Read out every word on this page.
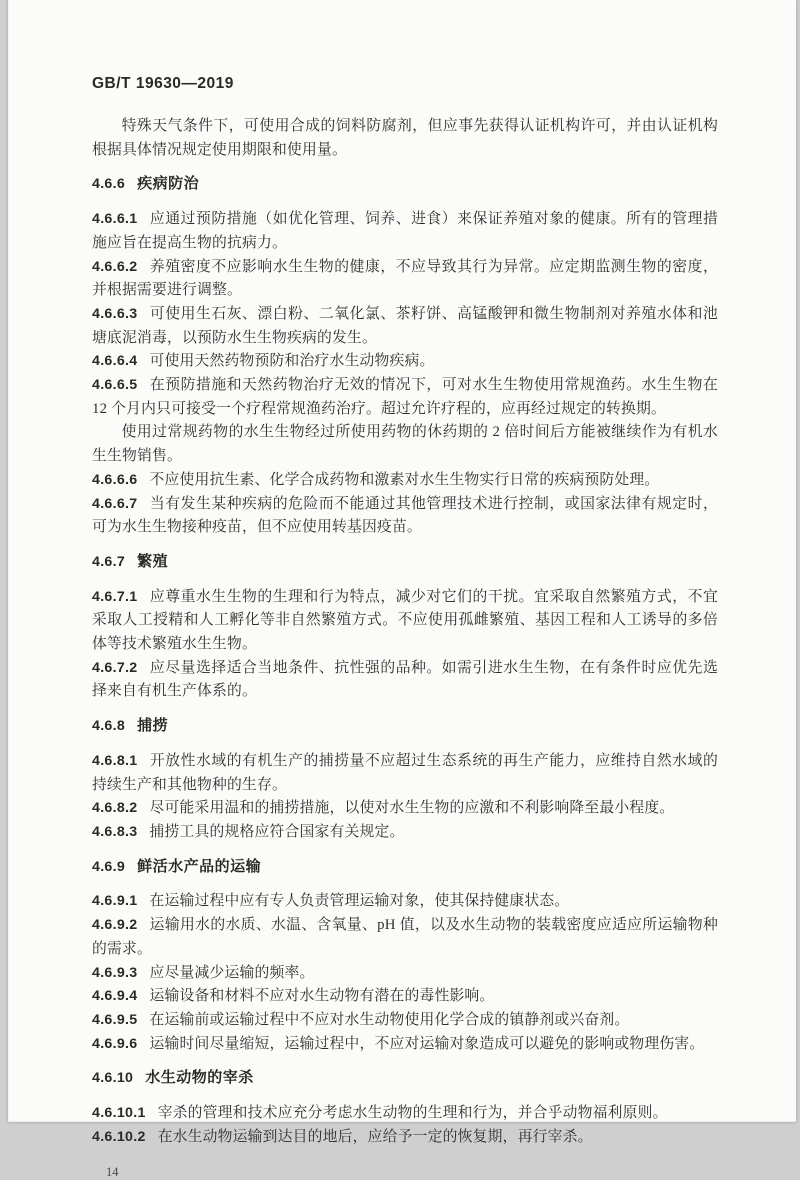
GB/T 19630—2019

特殊天气条件下，可使用合成的饲料防腐剂，但应事先获得认证机构许可，并由认证机构根据具体情况规定使用期限和使用量。

4.6.6 疾病防治

4.6.6.1 应通过预防措施（如优化管理、饲养、进食）来保证养殖对象的健康。所有的管理措施应旨在提高生物的抗病力。

4.6.6.2 养殖密度不应影响水生生物的健康，不应导致其行为异常。应定期监测生物的密度，并根据需要进行调整。

4.6.6.3 可使用生石灰、漂白粉、二氧化氯、茶籽饼、高锰酸钾和微生物制剂对养殖水体和池塘底泥消毒，以预防水生生物疾病的发生。

4.6.6.4 可使用天然药物预防和治疗水生动物疾病。

4.6.6.5 在预防措施和天然药物治疗无效的情况下，可对水生生物使用常规渔药。水生生物在 12 个月内只可接受一个疗程常规渔药治疗。超过允许疗程的，应再经过规定的转换期。

使用过常规药物的水生生物经过所使用药物的休药期的 2 倍时间后方能被继续作为有机水生生物销售。

4.6.6.6 不应使用抗生素、化学合成药物和激素对水生生物实行日常的疾病预防处理。

4.6.6.7 当有发生某种疾病的危险而不能通过其他管理技术进行控制，或国家法律有规定时，可为水生生物接种疫苗，但不应使用转基因疫苗。

4.6.7 繁殖

4.6.7.1 应尊重水生生物的生理和行为特点，减少对它们的干扰。宜采取自然繁殖方式，不宜采取人工授精和人工孵化等非自然繁殖方式。不应使用孤雌繁殖、基因工程和人工诱导的多倍体等技术繁殖水生生物。

4.6.7.2 应尽量选择适合当地条件、抗性强的品种。如需引进水生生物，在有条件时应优先选择来自有机生产体系的。

4.6.8 捕捞

4.6.8.1 开放性水域的有机生产的捕捞量不应超过生态系统的再生产能力，应维持自然水域的持续生产和其他物种的生存。

4.6.8.2 尽可能采用温和的捕捞措施，以使对水生生物的应激和不利影响降至最小程度。

4.6.8.3 捕捞工具的规格应符合国家有关规定。

4.6.9 鲜活水产品的运输

4.6.9.1 在运输过程中应有专人负责管理运输对象，使其保持健康状态。

4.6.9.2 运输用水的水质、水温、含氧量、pH 值，以及水生动物的装载密度应适应所运输物种的需求。

4.6.9.3 应尽量减少运输的频率。

4.6.9.4 运输设备和材料不应对水生动物有潜在的毒性影响。

4.6.9.5 在运输前或运输过程中不应对水生动物使用化学合成的镇静剂或兴奋剂。

4.6.9.6 运输时间尽量缩短，运输过程中，不应对运输对象造成可以避免的影响或物理伤害。

4.6.10 水生动物的宰杀

4.6.10.1 宰杀的管理和技术应充分考虑水生动物的生理和行为，并合乎动物福利原则。

4.6.10.2 在水生动物运输到达目的地后，应给予一定的恢复期，再行宰杀。

14
